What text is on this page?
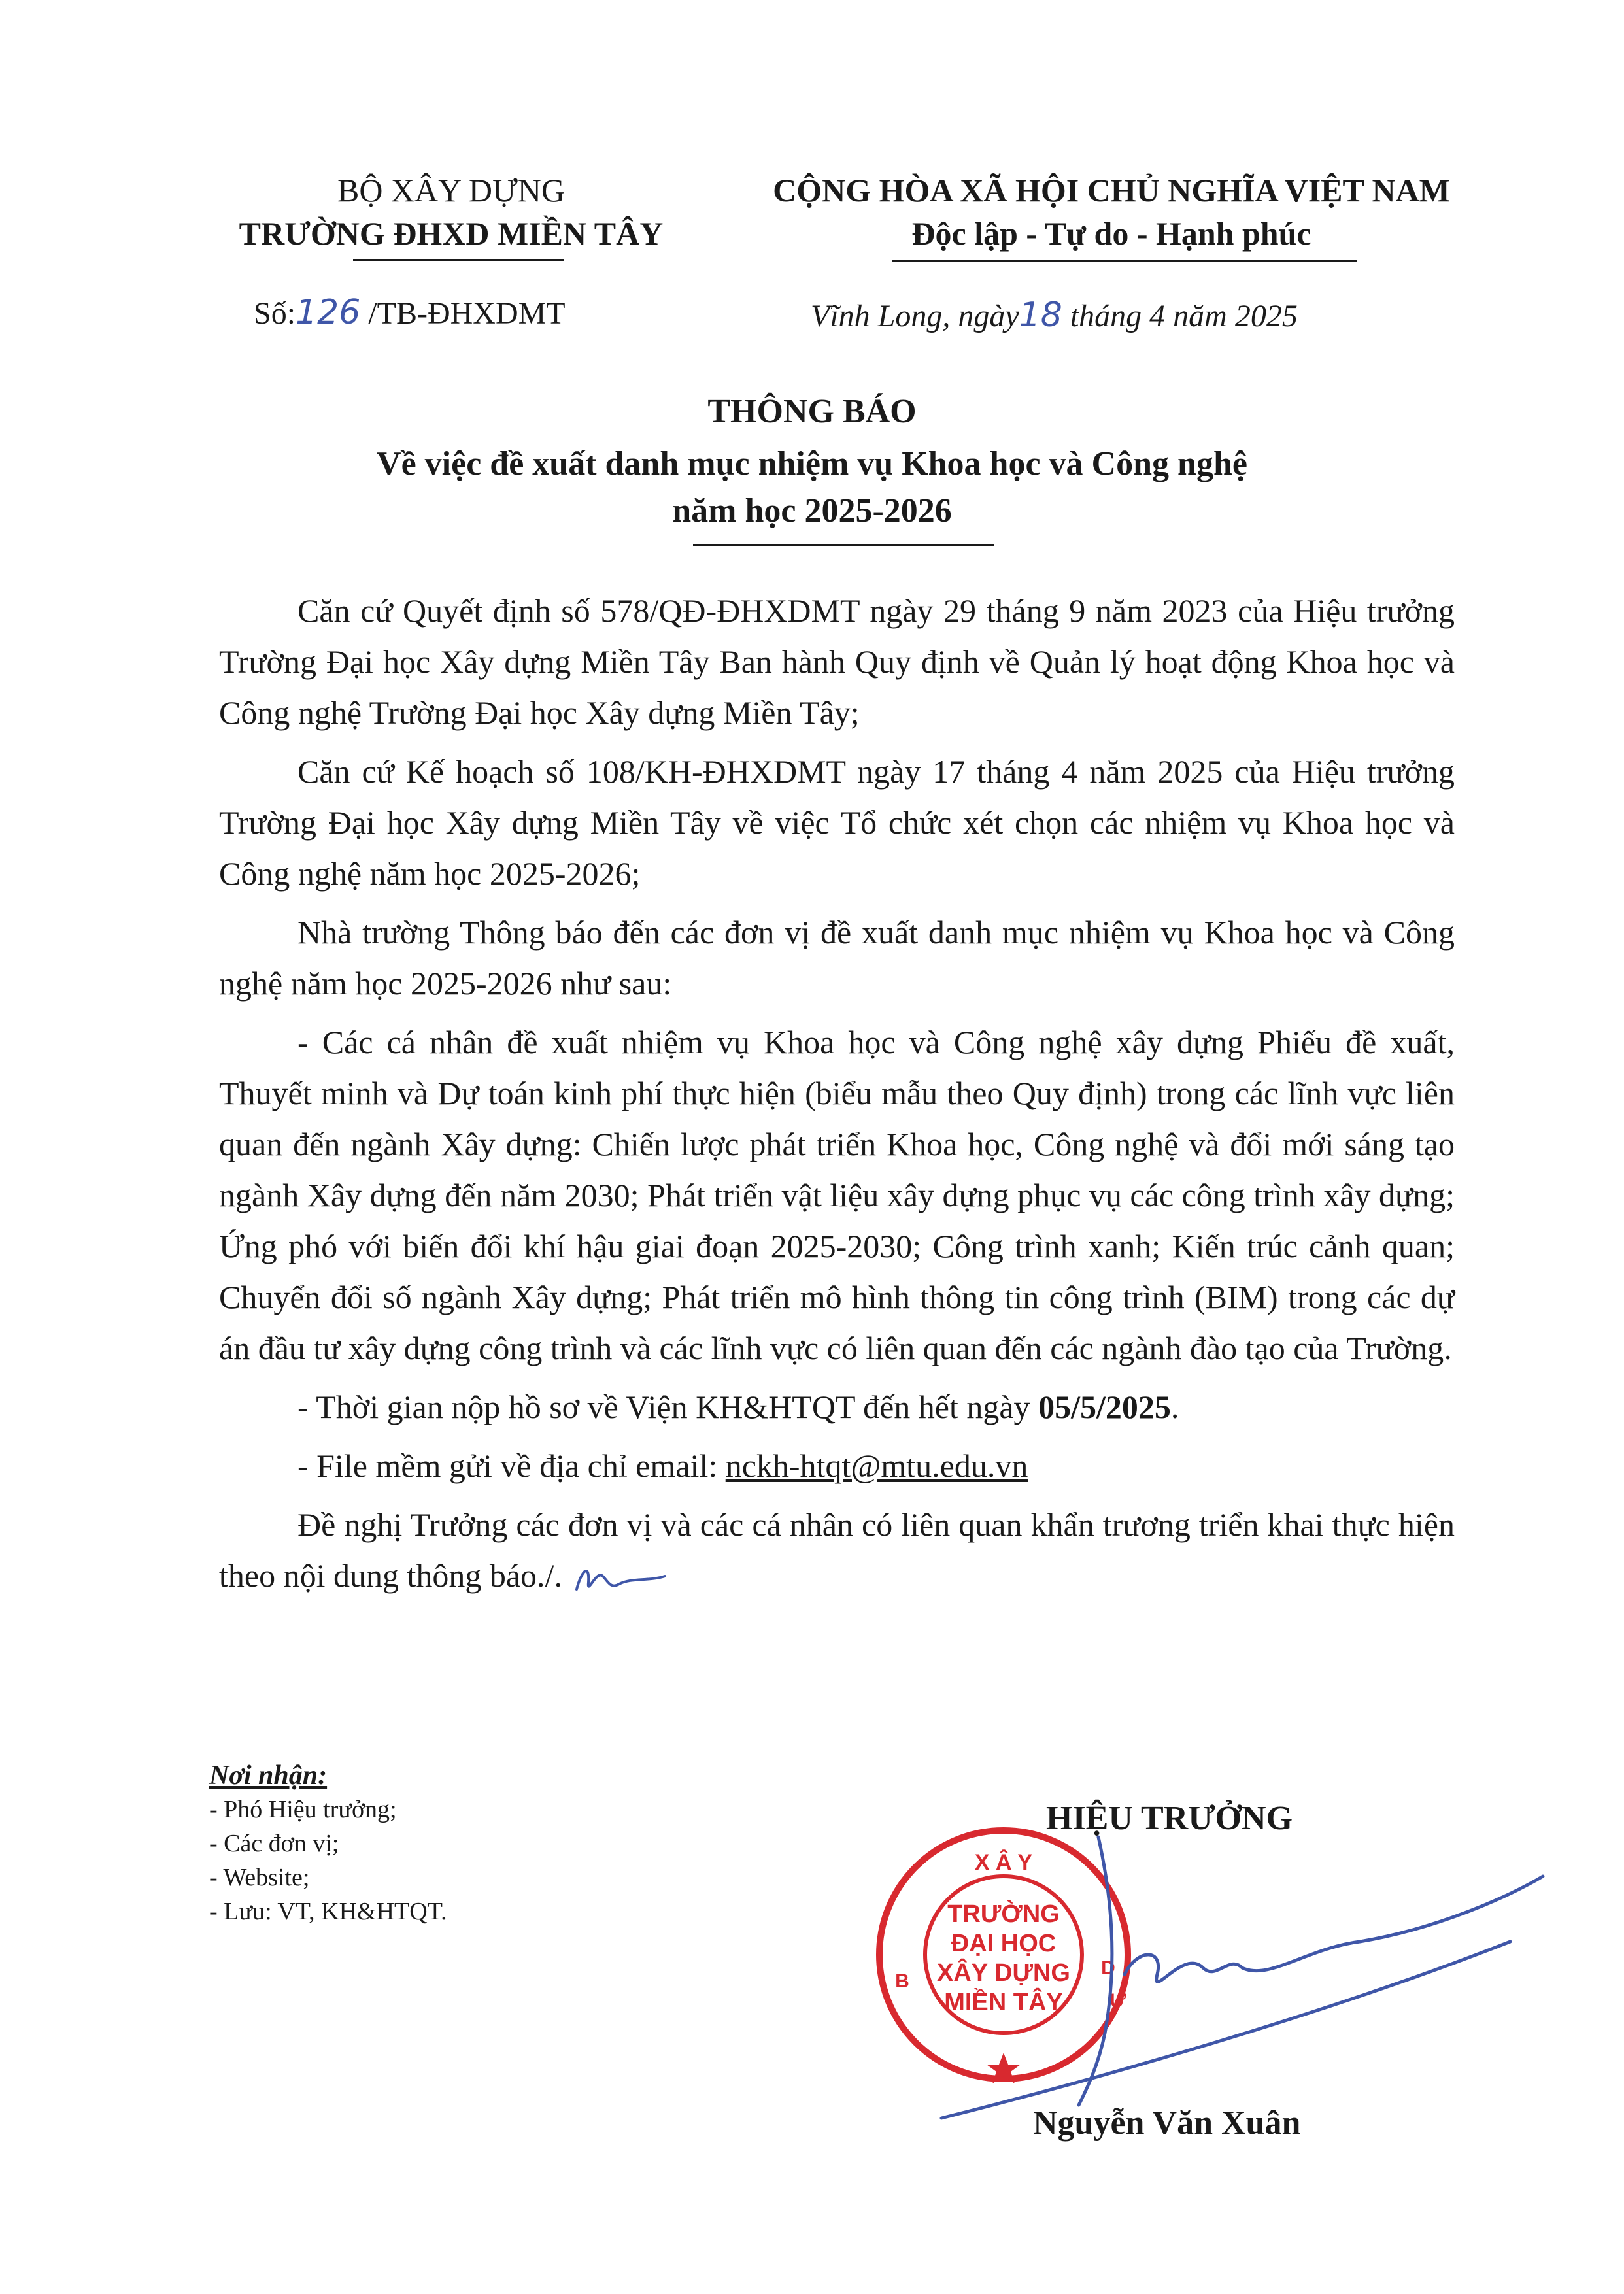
BỘ XÂY DỰNG
TRƯỜNG ĐHXD MIỀN TÂY
CỘNG HÒA XÃ HỘI CHỦ NGHĨA VIỆT NAM
Độc lập - Tự do - Hạnh phúc
Số:126 /TB-ĐHXDMT	Vĩnh Long, ngày18 tháng 4 năm 2025
THÔNG BÁO
Về việc đề xuất danh mục nhiệm vụ Khoa học và Công nghệ
năm học 2025-2026

Căn cứ Quyết định số 578/QĐ-ĐHXDMT ngày 29 tháng 9 năm 2023 của Hiệu trưởng Trường Đại học Xây dựng Miền Tây Ban hành Quy định về Quản lý hoạt động Khoa học và Công nghệ Trường Đại học Xây dựng Miền Tây;

Căn cứ Kế hoạch số 108/KH-ĐHXDMT ngày 17 tháng 4 năm 2025 của Hiệu trưởng Trường Đại học Xây dựng Miền Tây về việc Tổ chức xét chọn các nhiệm vụ Khoa học và Công nghệ năm học 2025-2026;

Nhà trường Thông báo đến các đơn vị đề xuất danh mục nhiệm vụ Khoa học và Công nghệ năm học 2025-2026 như sau:

- Các cá nhân đề xuất nhiệm vụ Khoa học và Công nghệ xây dựng Phiếu đề xuất, Thuyết minh và Dự toán kinh phí thực hiện (biểu mẫu theo Quy định) trong các lĩnh vực liên quan đến ngành Xây dựng: Chiến lược phát triển Khoa học, Công nghệ và đổi mới sáng tạo ngành Xây dựng đến năm 2030; Phát triển vật liệu xây dựng phục vụ các công trình xây dựng; Ứng phó với biến đổi khí hậu giai đoạn 2025-2030; Công trình xanh; Kiến trúc cảnh quan; Chuyển đổi số ngành Xây dựng; Phát triển mô hình thông tin công trình (BIM) trong các dự án đầu tư xây dựng công trình và các lĩnh vực có liên quan đến các ngành đào tạo của Trường.

- Thời gian nộp hồ sơ về Viện KH&HTQT đến hết ngày 05/5/2025.

- File mềm gửi về địa chỉ email: nckh-htqt@mtu.edu.vn

Đề nghị Trưởng các đơn vị và các cá nhân có liên quan khẩn trương triển khai thực hiện theo nội dung thông báo./.

Nơi nhận:
- Phó Hiệu trưởng;
- Các đơn vị;
- Website;
- Lưu: VT, KH&HTQT.
HIỆU TRƯỞNG
X Â Y
TRƯỜNG
ĐẠI HỌC
XÂY DỰNG
MIỀN TÂY
D
Ư
B
Nguyễn Văn Xuân
